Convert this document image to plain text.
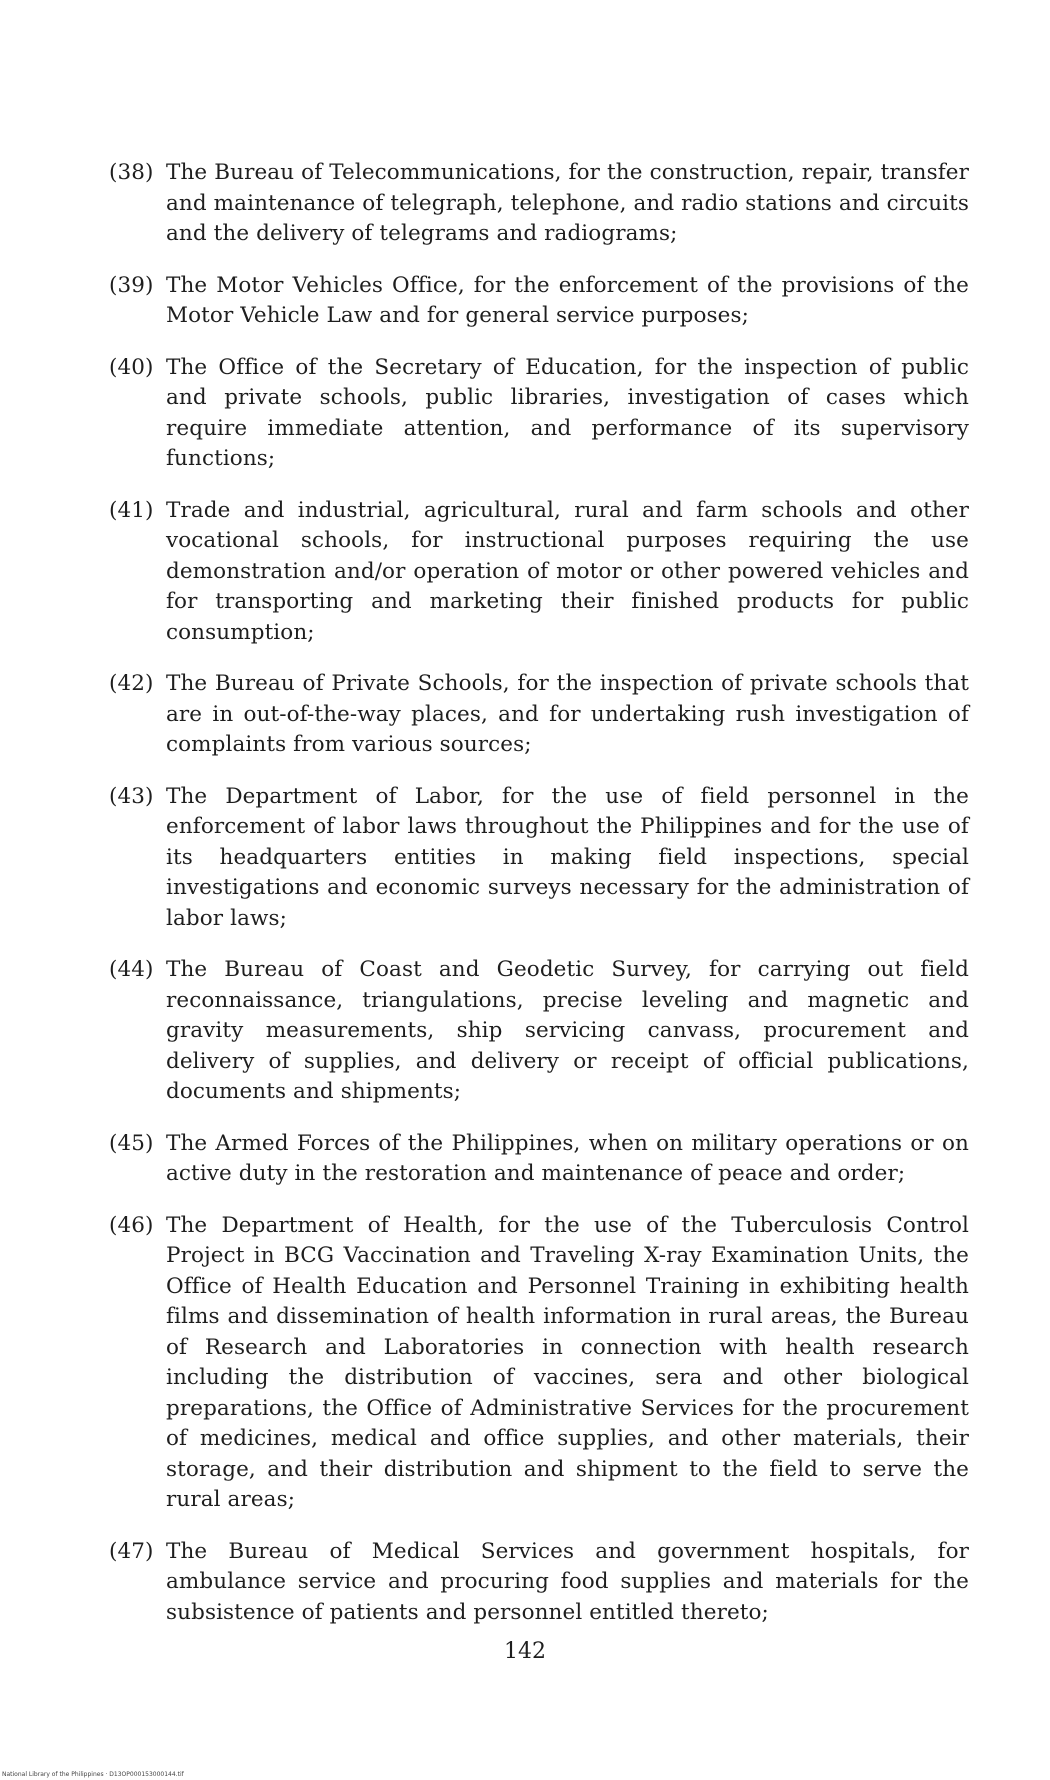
(38) The Bureau of Telecommunications, for the construction, repair, transfer and maintenance of telegraph, telephone, and radio stations and circuits and the delivery of telegrams and radiograms;
(39) The Motor Vehicles Office, for the enforcement of the provisions of the Motor Vehicle Law and for general service purposes;
(40) The Office of the Secretary of Education, for the inspection of public and private schools, public libraries, investigation of cases which require immediate attention, and performance of its supervisory functions;
(41) Trade and industrial, agricultural, rural and farm schools and other vocational schools, for instructional purposes requiring the use demonstration and/or operation of motor or other powered vehicles and for transporting and marketing their finished products for public consumption;
(42) The Bureau of Private Schools, for the inspection of private schools that are in out-of-the-way places, and for undertaking rush investigation of complaints from various sources;
(43) The Department of Labor, for the use of field personnel in the enforcement of labor laws throughout the Philippines and for the use of its headquarters entities in making field inspections, special investigations and economic surveys necessary for the administration of labor laws;
(44) The Bureau of Coast and Geodetic Survey, for carrying out field reconnaissance, triangulations, precise leveling and magnetic and gravity measurements, ship servicing canvass, procurement and delivery of supplies, and delivery or receipt of official publications, documents and shipments;
(45) The Armed Forces of the Philippines, when on military operations or on active duty in the restoration and maintenance of peace and order;
(46) The Department of Health, for the use of the Tuberculosis Control Project in BCG Vaccination and Traveling X-ray Examination Units, the Office of Health Education and Personnel Training in exhibiting health films and dissemination of health information in rural areas, the Bureau of Research and Laboratories in connection with health research including the distribution of vaccines, sera and other biological preparations, the Office of Administrative Services for the procurement of medicines, medical and office supplies, and other materials, their storage, and their distribution and shipment to the field to serve the rural areas;
(47) The Bureau of Medical Services and government hospitals, for ambulance service and procuring food supplies and materials for the subsistence of patients and personnel entitled thereto;
142
National Library of the Philippines · D13OP000153000144.tif
